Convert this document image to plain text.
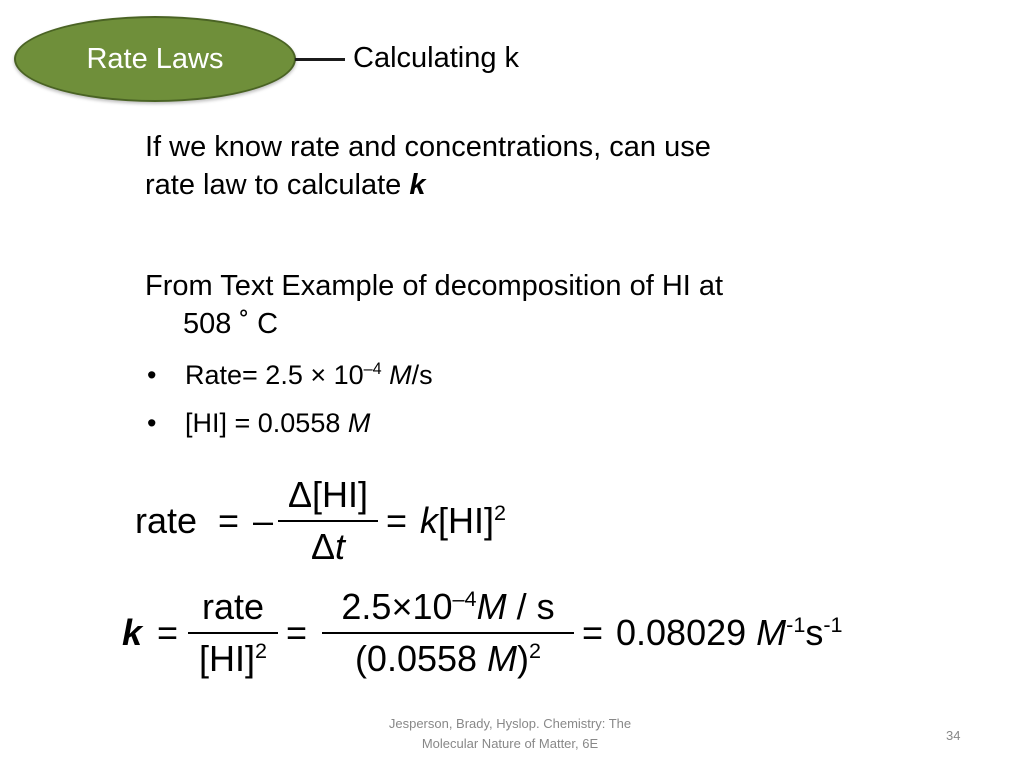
Rate Laws	Calculating k
If we know rate and concentrations, can use
rate law to calculate k
From Text Example of decomposition of HI at
508 ˚ C
• Rate= $2.5 \times 10^{-4}$ M/s
• [HI] = 0.0558 M
rate = –
Δ[HI]
Δt
= k[HI]$^2$
k =
rate
[HI]$^2$ =
$2.5\times 10^{-4}M / s$
(0.0558 M)$^2$	= 0.08029 $M^{-1}s^{-1}$
Jesperson, Brady, Hyslop. Chemistry: The
Molecular Nature of Matter, 6E
34
